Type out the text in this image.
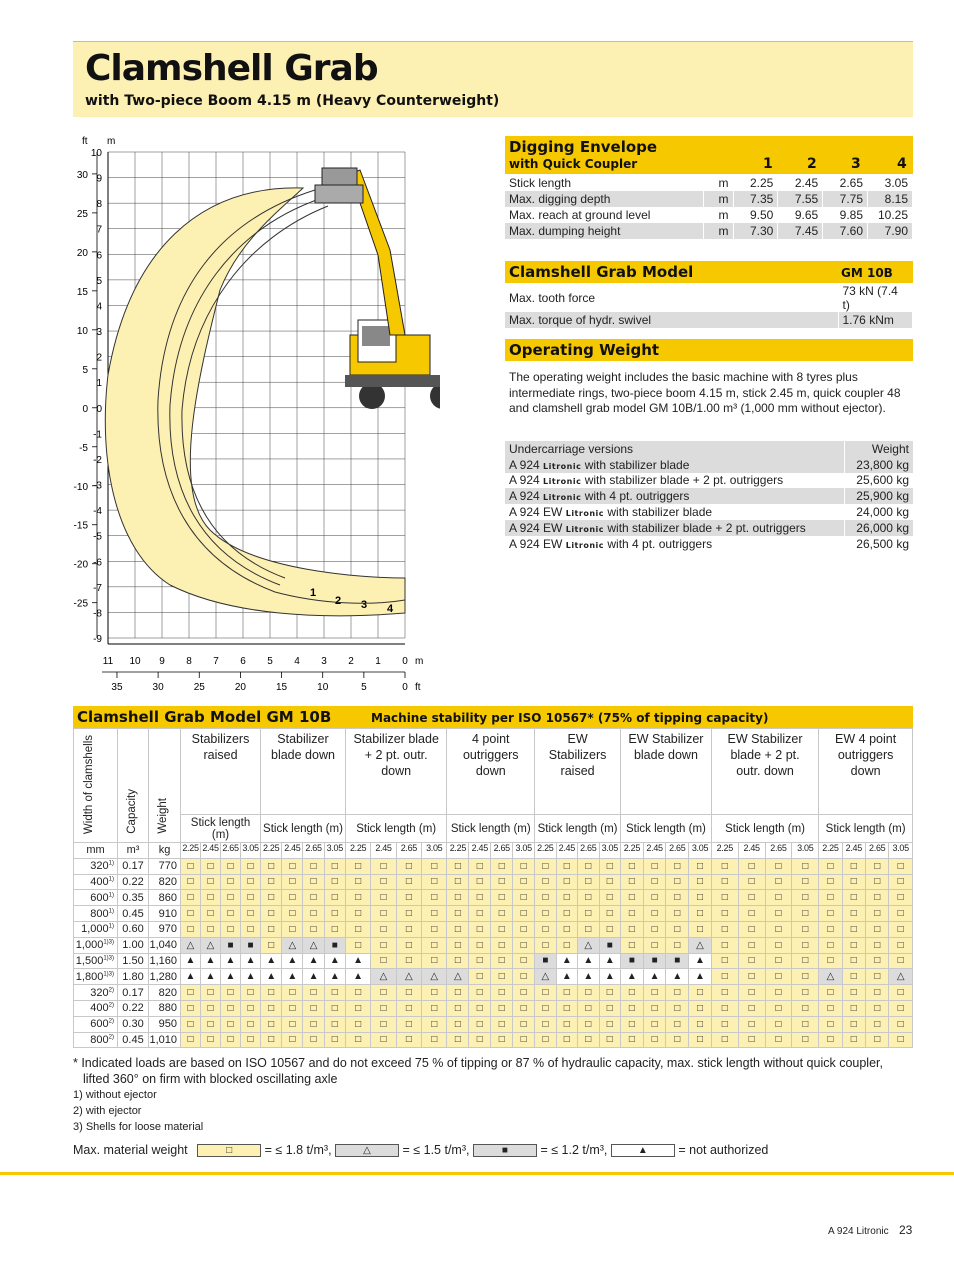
Clamshell Grab
with Two-piece Boom 4.15 m (Heavy Counterweight)
ft m
10
9
8
7
6
5
4
3
2
1
0
-1
-2
-3
-4
-5
-6
-7
-8
-9
30
25
20
15
10
5
0
-5
-10
-15
-20
-25
11 10 9 8 7 6 5 4 3 2 1 0 m
35	30	25	20	15	10	5	0 ft
1
2 3 4
Digging Envelope
with Quick Coupler	1 2 3	4
Stick length	m	2.25	2.45	2.65	3.05
Max. digging depth	m	7.35	7.55	7.75	8.15
Max. reach at ground level	m	9.50	9.65	9.85	10.25
Max. dumping height	m	7.30	7.45	7.60	7.90
Clamshell Grab Model	GM 10B
Max. tooth force	73 kN (7.4 t)
Max. torque of hydr. swivel	1.76 kNm
Operating Weight
The operating weight includes the basic machine with 8 tyres plus intermediate rings, two-piece boom 4.15 m, stick 2.45 m, quick coupler 48 and clamshell grab model GM 10B/1.00 m³ (1,000 mm without ejector).
Undercarriage versions	Weight
A 924 Litronic with stabilizer blade	23,800 kg
A 924 Litronic with stabilizer blade + 2 pt. outriggers	25,600 kg
A 924 Litronic with 4 pt. outriggers	25,900 kg
A 924 EW Litronic with stabilizer blade	24,000 kg
A 924 EW Litronic with stabilizer blade + 2 pt. outriggers	26,000 kg
A 924 EW Litronic with 4 pt. outriggers	26,500 kg
Clamshell Grab Model GM 10B	Machine stability per ISO 10567* (75% of tipping capacity)
Width of clamshells	Capacity	Weight	Stabilizers raised				Stabilizer blade down				Stabilizer blade + 2 pt. outr. down				4 point outriggers down				EW Stabilizers raised				EW Stabilizer blade down				EW Stabilizer blade + 2 pt. outr. down				EW 4 point outriggers down			

			Stick length (m)				Stick length (m)				Stick length (m)				Stick length (m)				Stick length (m)				Stick length (m)				Stick length (m)				Stick length (m)			
mm	m³	kg	2.25	2.45	2.65	3.05	2.25	2.45	2.65	3.05	2.25	2.45	2.65	3.05	2.25	2.45	2.65	3.05	2.25	2.45	2.65	3.05	2.25	2.45	2.65	3.05	2.25	2.45	2.65	3.05	2.25	2.45	2.65	3.05
320$^{1)}$	0.17	770	□	□	□	□	□	□	□	□	□	□	□	□	□	□	□	□	□	□	□	□	□	□	□	□	□	□	□	□	□	□	□	□
400$^{1)}$	0.22	820	□	□	□	□	□	□	□	□	□	□	□	□	□	□	□	□	□	□	□	□	□	□	□	□	□	□	□	□	□	□	□	□
600$^{1)}$	0.35	860	□	□	□	□	□	□	□	□	□	□	□	□	□	□	□	□	□	□	□	□	□	□	□	□	□	□	□	□	□	□	□	□
800$^{1)}$	0.45	910	□	□	□	□	□	□	□	□	□	□	□	□	□	□	□	□	□	□	□	□	□	□	□	□	□	□	□	□	□	□	□	□
1,000$^{1)}$	0.60	970	□	□	□	□	□	□	□	□	□	□	□	□	□	□	□	□	□	□	□	□	□	□	□	□	□	□	□	□	□	□	□	□
$1,000^{1)3)}$	1.00	1,040	△	△	■	■	□	△	△	■	□	□	□	□	□	□	□	□	□	□	△	■	□	□	□	△	□	□	□	□	□	□	□	□
$1,500^{1)3)}$	1.50	1,160	▲	▲	▲	▲	▲	▲	▲	▲	▲	□	□	□	□	□	□	□	■	▲	▲	▲	■	■	■	▲	□	□	□	□	□	□	□	□
$1,800^{1)3)}$	1.80	1,280	▲	▲	▲	▲	▲	▲	▲	▲	▲	△	△	△	△	□	□	□	△	▲	▲	▲	▲	▲	▲	▲	□	□	□	□	△	□	□	△
320$^{2)}$	0.17	820	□	□	□	□	□	□	□	□	□	□	□	□	□	□	□	□	□	□	□	□	□	□	□	□	□	□	□	□	□	□	□	□
400$^{2)}$	0.22	880	□	□	□	□	□	□	□	□	□	□	□	□	□	□	□	□	□	□	□	□	□	□	□	□	□	□	□	□	□	□	□	□
600$^{2)}$	0.30	950	□	□	□	□	□	□	□	□	□	□	□	□	□	□	□	□	□	□	□	□	□	□	□	□	□	□	□	□	□	□	□	□
800$^{2)}$	0.45	1,010	□	□	□	□	□	□	□	□	□	□	□	□	□	□	□	□	□	□	□	□	□	□	□	□	□	□	□	□	□	□	□	□
* Indicated loads are based on ISO 10567 and do not exceed 75 % of tipping or 87 % of hydraulic capacity, max. stick length without quick coupler, lifted 360° on firm with blocked oscillating axle
1) without ejector
2) with ejector
3) Shells for loose material
Max. material weight	□	= ≤ 1.8 t/m³,	△	= ≤ 1.5 t/m³,	■	= ≤ 1.2 t/m³,	▲ = not authorized
A 924 Litronic 23
